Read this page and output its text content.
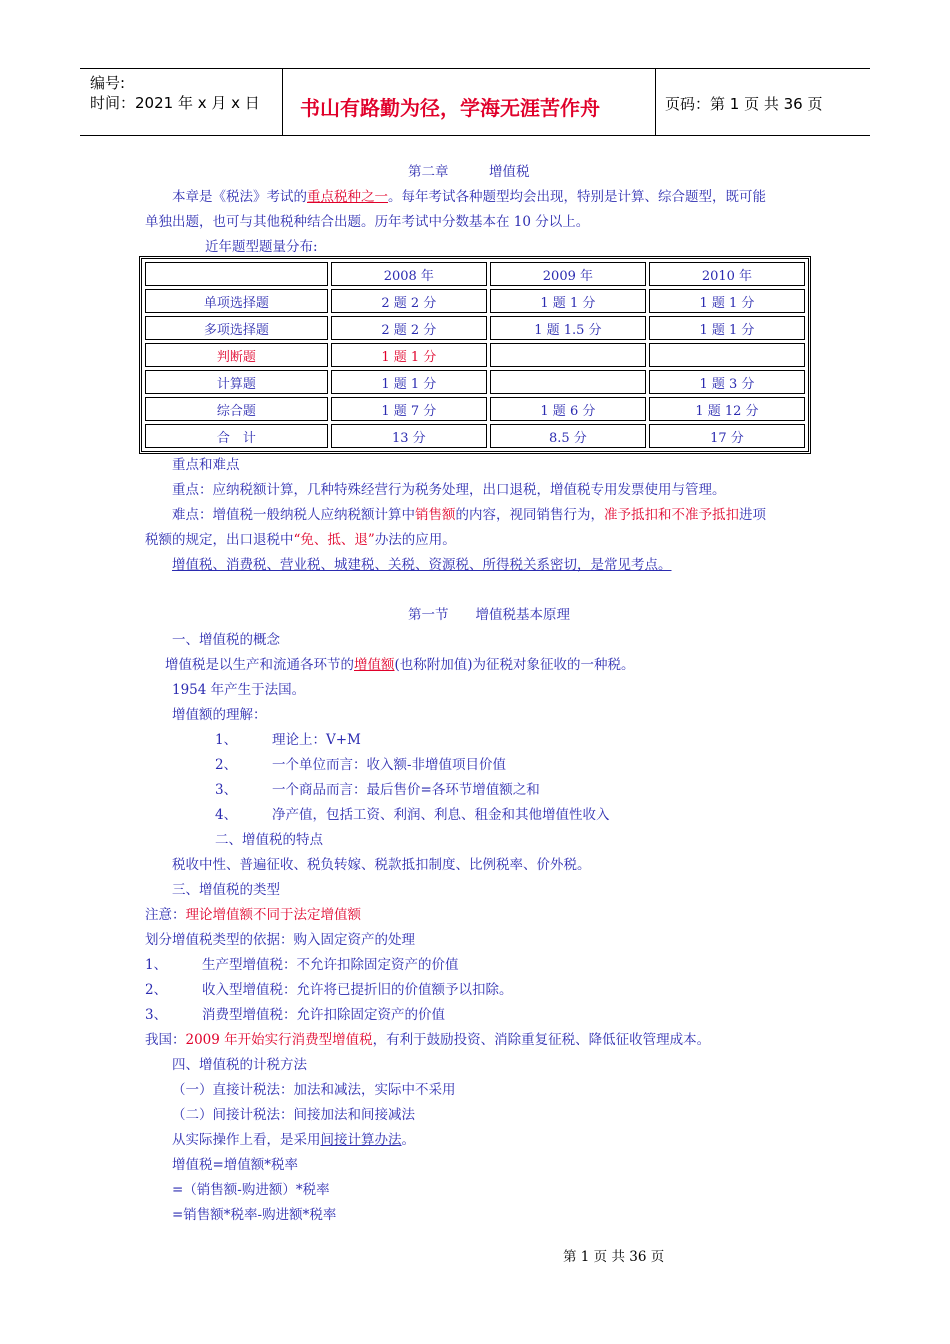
编号:
时间：2021 年 x 月 x 日 书山有路勤为径，学海无涯苦作舟	页码：第 1 页 共 36 页
第二章　　　增值税
本章是《税法》考试的重点税种之一。每年考试各种题型均会出现，特别是计算、综合题型，既可能
单独出题，也可与其他税种结合出题。历年考试中分数基本在 10 分以上。
近年题型题量分布:
	2008 年	2009 年	2010 年
单项选择题	2 题 2 分	1 题 1 分	1 题 1 分
多项选择题	2 题 2 分	1 题 1.5 分	1 题 1 分
判断题	1 题 1 分		
计算题	1 题 1 分		1 题 3 分
综合题	1 题 7 分	1 题 6 分	1 题 12 分
合　计	13 分	8.5 分	17 分
重点和难点
重点：应纳税额计算，几种特殊经营行为税务处理，出口退税，增值税专用发票使用与管理。
难点：增值税一般纳税人应纳税额计算中销售额的内容，视同销售行为，准予抵扣和不准予抵扣进项
税额的规定，出口退税中“免、抵、退”办法的应用。
增值税、消费税、营业税、城建税、关税、资源税、所得税关系密切，是常见考点。
第一节　　增值税基本原理
一、增值税的概念
增值税是以生产和流通各环节的增值额(也称附加值)为征税对象征收的一种税。
1954 年产生于法国。
增值额的理解：
1、	理论上：V+M
2、	一个单位而言：收入额-非增值项目价值
3、	一个商品而言：最后售价=各环节增值额之和
4、	净产值，包括工资、利润、利息、租金和其他增值性收入
二、增值税的特点
税收中性、普遍征收、税负转嫁、税款抵扣制度、比例税率、价外税。
三、增值税的类型
注意：理论增值额不同于法定增值额
划分增值税类型的依据：购入固定资产的处理
1、	生产型增值税：不允许扣除固定资产的价值
2、	收入型增值税：允许将已提折旧的价值额予以扣除。
3、	消费型增值税：允许扣除固定资产的价值
我国：2009 年开始实行消费型增值税，有利于鼓励投资、消除重复征税、降低征收管理成本。
四、增值税的计税方法
（一）直接计税法：加法和减法，实际中不采用
（二）间接计税法：间接加法和间接减法
从实际操作上看，是采用间接计算办法。
增值税=增值额*税率
=（销售额-购进额）*税率
=销售额*税率-购进额*税率
第 1 页 共 36 页
